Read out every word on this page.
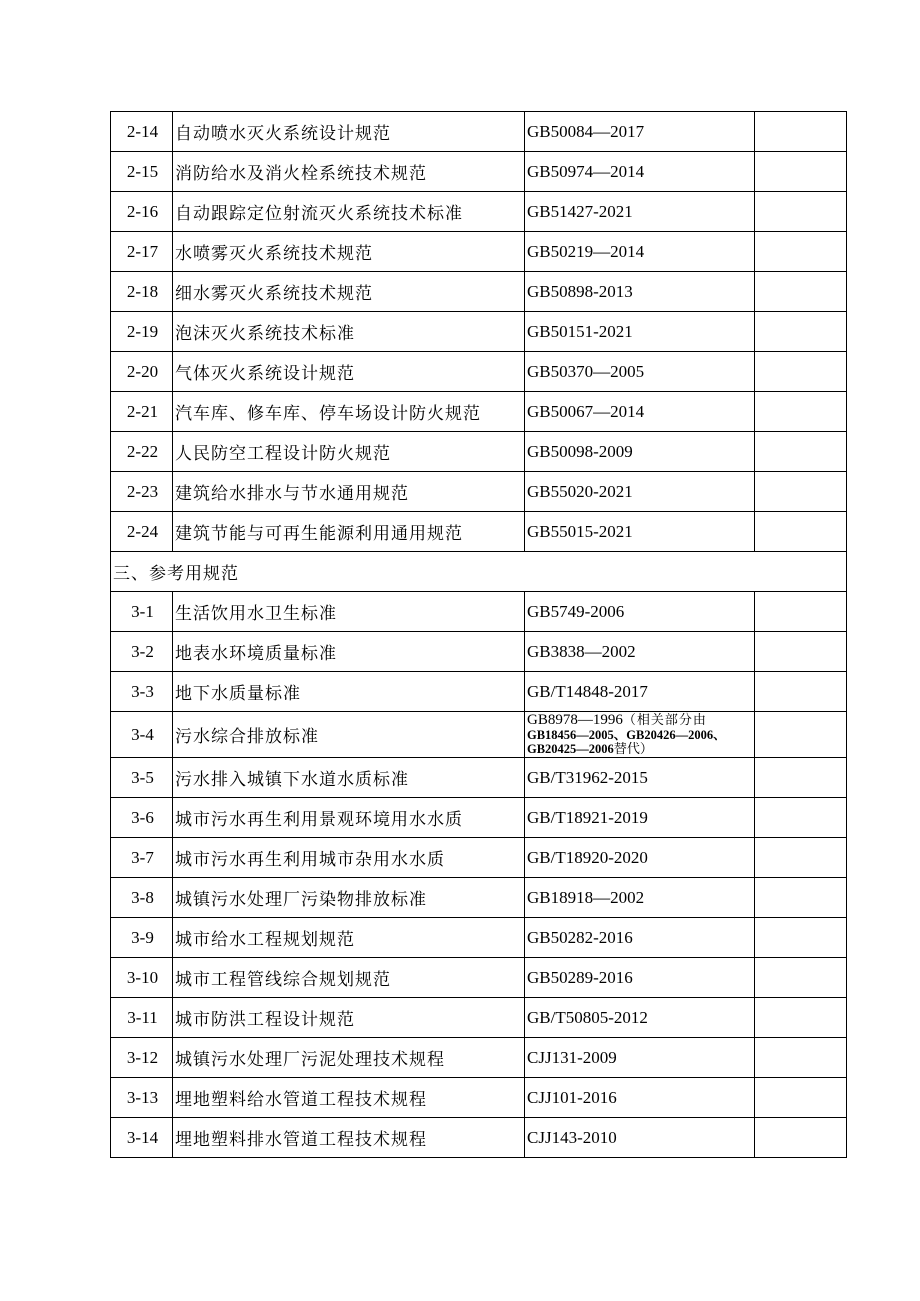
2-14	自动喷水灭火系统设计规范	GB50084—2017	
2-15	消防给水及消火栓系统技术规范	GB50974—2014	
2-16	自动跟踪定位射流灭火系统技术标准	GB51427-2021	
2-17	水喷雾灭火系统技术规范	GB50219—2014	
2-18	细水雾灭火系统技术规范	GB50898-2013	
2-19	泡沫灭火系统技术标准	GB50151-2021	
2-20	气体灭火系统设计规范	GB50370—2005	
2-21	汽车库、修车库、停车场设计防火规范	GB50067—2014	
2-22	人民防空工程设计防火规范	GB50098-2009	
2-23	建筑给水排水与节水通用规范	GB55020-2021	
2-24	建筑节能与可再生能源利用通用规范	GB55015-2021	
三、参考用规范			
3-1	生活饮用水卫生标准	GB5749-2006	
3-2	地表水环境质量标准	GB3838—2002	
3-3	地下水质量标准	GB/T14848-2017	
3-4	污水综合排放标准	GB8978—1996（相关部分由
GB18456—2005、GB20426—2006、
GB20425—2006替代）	

3-5	污水排入城镇下水道水质标准	GB/T31962-2015	
3-6	城市污水再生利用景观环境用水水质	GB/T18921-2019	
3-7	城市污水再生利用城市杂用水水质	GB/T18920-2020	
3-8	城镇污水处理厂污染物排放标准	GB18918—2002	
3-9	城市给水工程规划规范	GB50282-2016	
3-10	城市工程管线综合规划规范	GB50289-2016	
3-11	城市防洪工程设计规范	GB/T50805-2012	
3-12	城镇污水处理厂污泥处理技术规程	CJJ131-2009	
3-13	埋地塑料给水管道工程技术规程	CJJ101-2016	
3-14	埋地塑料排水管道工程技术规程	CJJ143-2010	
